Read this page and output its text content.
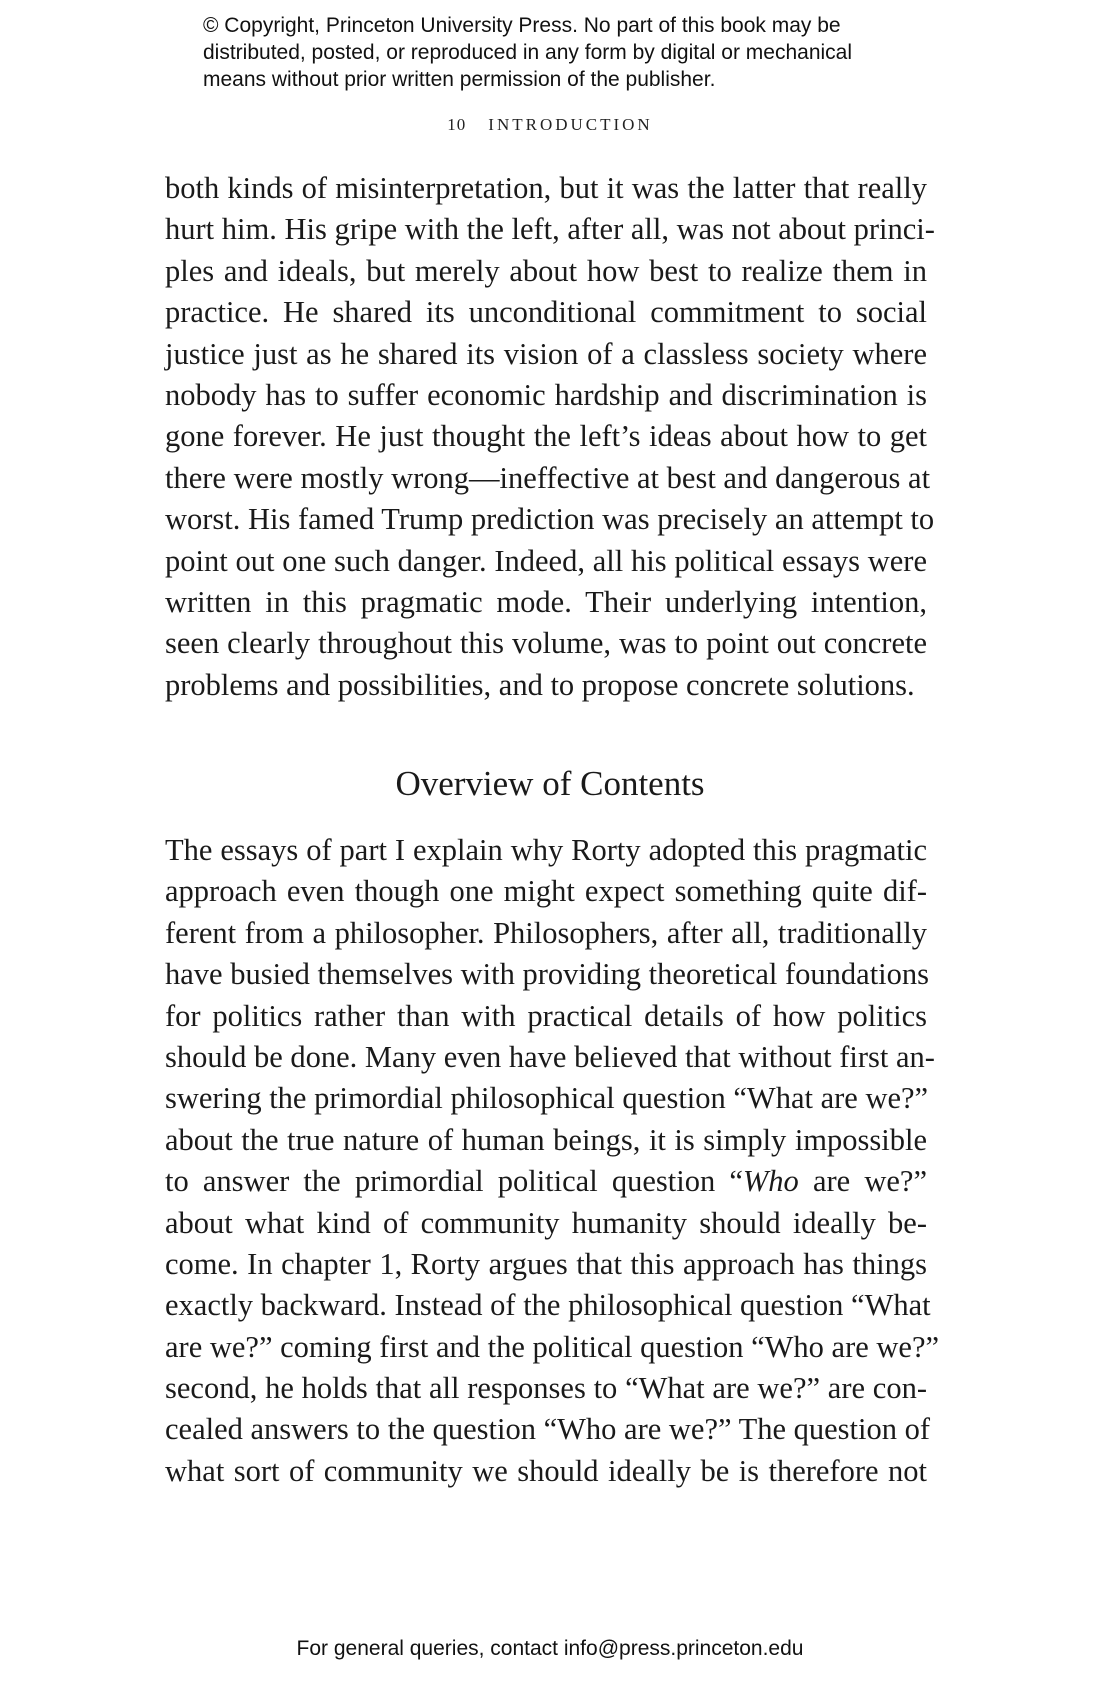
© Copyright, Princeton University Press. No part of this book may be
distributed, posted, or reproduced in any form by digital or mechanical
means without prior written permission of the publisher.
10 INTRODUCTION
both kinds of misinterpretation, but it was the latter that really
hurt him. His gripe with the left, after all, was not about princi-
ples and ideals, but merely about how best to realize them in
practice. He shared its unconditional commitment to social
justice just as he shared its vision of a classless society where
nobody has to suffer economic hardship and discrimination is
gone forever. He just thought the left’s ideas about how to get
there were mostly wrong—ineffective at best and dangerous at
worst. His famed Trump prediction was precisely an attempt to
point out one such danger. Indeed, all his political essays were
written in this pragmatic mode. Their underlying intention,
seen clearly throughout this volume, was to point out concrete
problems and possibilities, and to propose concrete solutions.
Overview of Contents
The essays of part I explain why Rorty adopted this pragmatic
approach even though one might expect something quite dif-
ferent from a philosopher. Philosophers, after all, traditionally
have busied themselves with providing theoretical foundations
for politics rather than with practical details of how politics
should be done. Many even have believed that without first an-
swering the primordial philosophical question “What are we?”
about the true nature of human beings, it is simply impossible
to answer the primordial political question “Who are we?”
about what kind of community humanity should ideally be-
come. In chapter 1, Rorty argues that this approach has things
exactly backward. Instead of the philosophical question “What
are we?” coming first and the political question “Who are we?”
second, he holds that all responses to “What are we?” are con-
cealed answers to the question “Who are we?” The question of
what sort of community we should ideally be is therefore not
For general queries, contact info@press.princeton.edu
